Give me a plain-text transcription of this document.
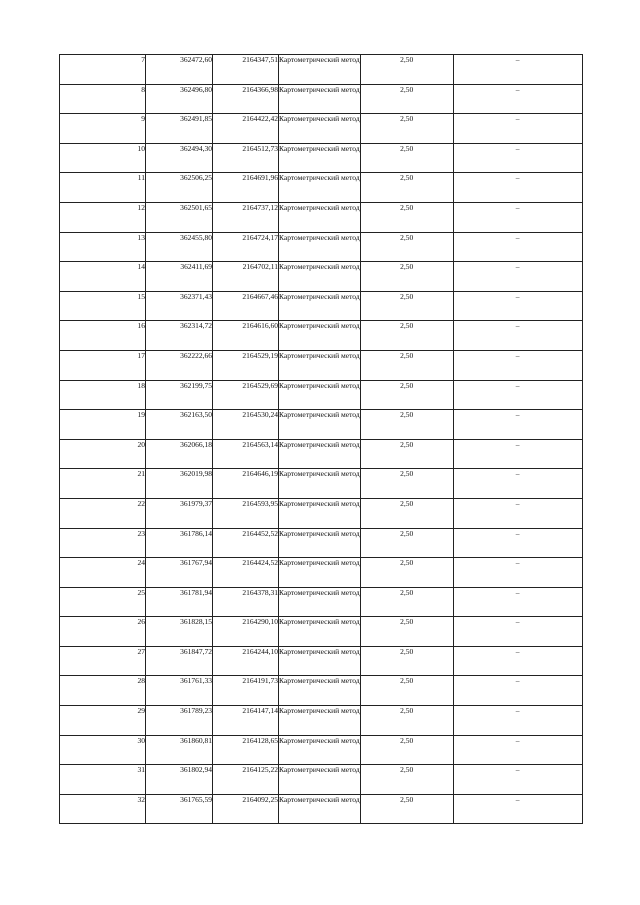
7	362472,60	2164347,51	Картометрический метод	2,50	–
8	362496,80	2164366,98	Картометрический метод	2,50	–
9	362491,85	2164422,42	Картометрический метод	2,50	–
10	362494,30	2164512,73	Картометрический метод	2,50	–
11	362506,25	2164691,96	Картометрический метод	2,50	–
12	362501,65	2164737,12	Картометрический метод	2,50	–
13	362455,80	2164724,17	Картометрический метод	2,50	–
14	362411,69	2164702,11	Картометрический метод	2,50	–
15	362371,43	2164667,46	Картометрический метод	2,50	–
16	362314,72	2164616,60	Картометрический метод	2,50	–
17	362222,66	2164529,19	Картометрический метод	2,50	–
18	362199,75	2164529,69	Картометрический метод	2,50	–
19	362163,50	2164530,24	Картометрический метод	2,50	–
20	362066,18	2164563,14	Картометрический метод	2,50	–
21	362019,98	2164646,19	Картометрический метод	2,50	–
22	361979,37	2164593,95	Картометрический метод	2,50	–
23	361786,14	2164452,52	Картометрический метод	2,50	–
24	361767,94	2164424,52	Картометрический метод	2,50	–
25	361781,94	2164378,31	Картометрический метод	2,50	–
26	361828,15	2164290,10	Картометрический метод	2,50	–
27	361847,72	2164244,10	Картометрический метод	2,50	–
28	361761,33	2164191,73	Картометрический метод	2,50	–
29	361789,23	2164147,14	Картометрический метод	2,50	–
30	361860,81	2164128,65	Картометрический метод	2,50	–
31	361802,94	2164125,22	Картометрический метод	2,50	–
32	361765,59	2164092,25	Картометрический метод	2,50	–
